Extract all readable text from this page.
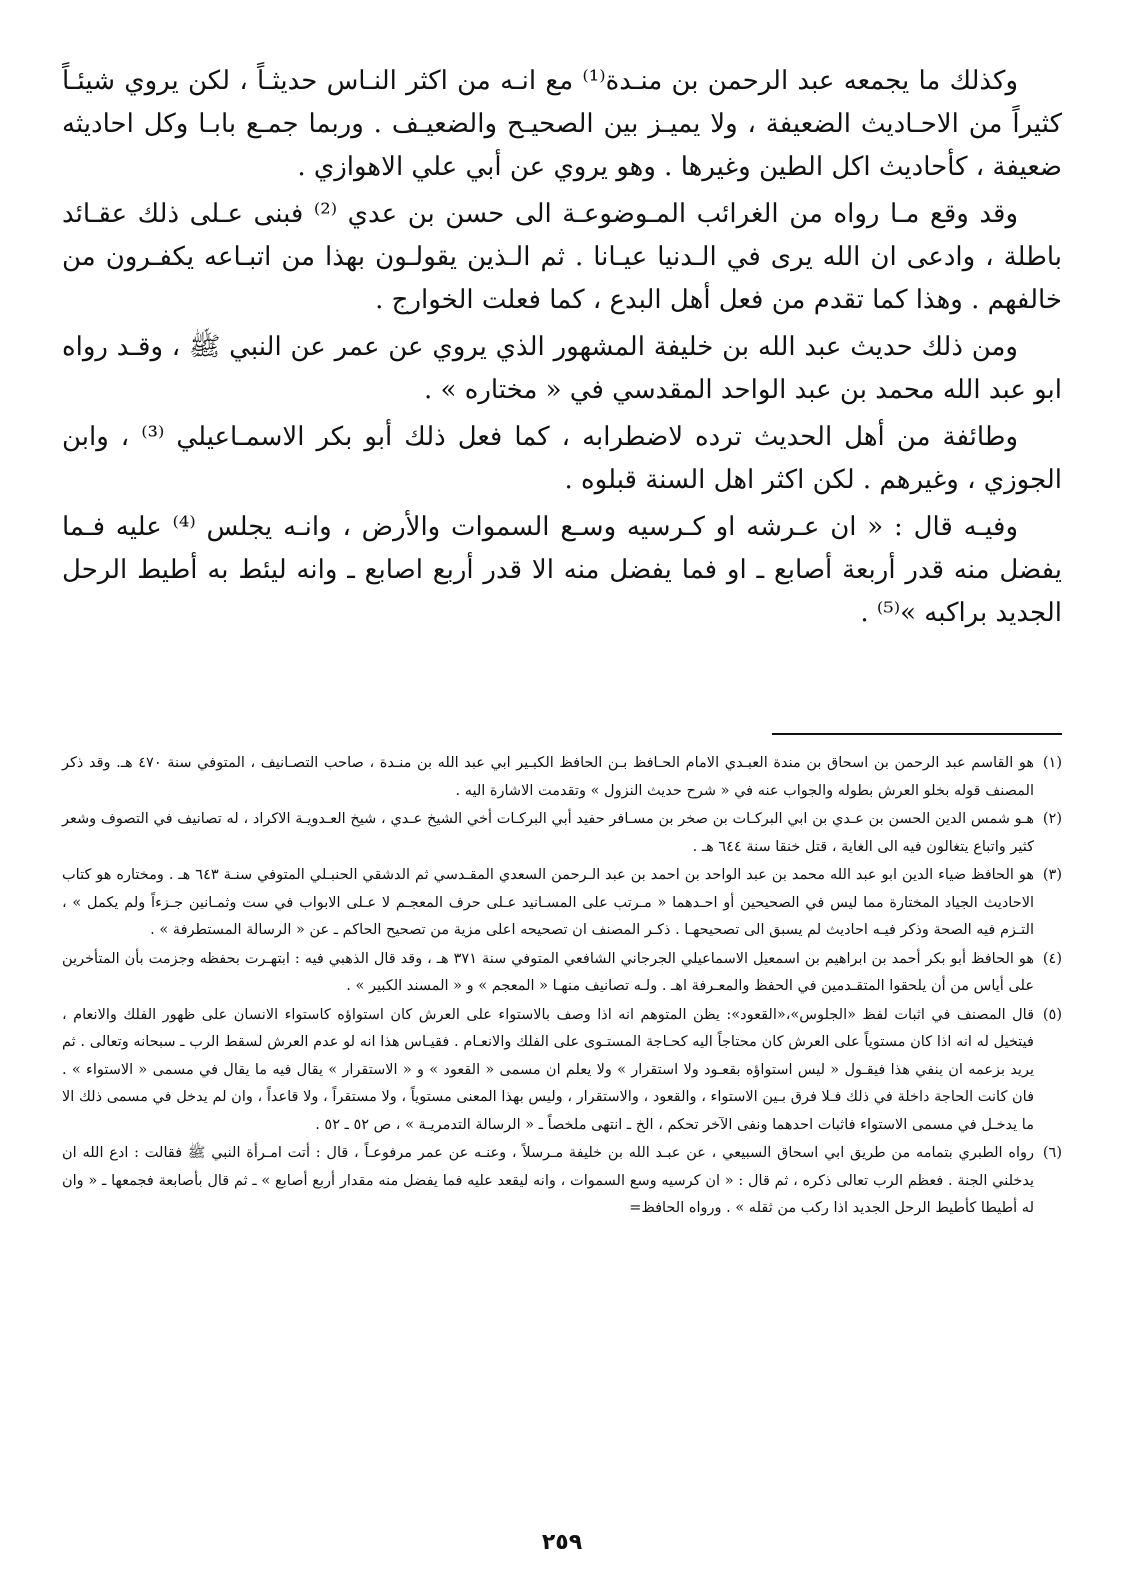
وكذلك ما يجمعه عبد الرحمن بن منـدة⁽¹⁾ مع انـه من اكثر النـاس حديثـاً ، لكن يروي شيئـاً كثيراً من الاحـاديث الضعيفة ، ولا يميـز بين الصحيـح والضعيـف . وربما جمـع بابـا وكل احاديثه ضعيفة ، كأحاديث اكل الطين وغيرها . وهو يروي عن أبي علي الاهوازي .

وقد وقع مـا رواه من الغرائب المـوضوعـة الى حسن بن عدي ⁽²⁾ فبنى عـلى ذلك عقـائد باطلة ، وادعى ان الله يرى في الـدنيا عيـانا . ثم الـذين يقولـون بهذا من اتبـاعه يكفـرون من خالفهم . وهذا كما تقدم من فعل أهل البدع ، كما فعلت الخوارج .

ومن ذلك حديث عبد الله بن خليفة المشهور الذي يروي عن عمر عن النبي ﷺ ، وقـد رواه ابو عبد الله محمد بن عبد الواحد المقدسي في « مختاره » .

وطائفة من أهل الحديث ترده لاضطرابه ، كما فعل ذلك أبو بكر الاسمـاعيلي ⁽³⁾ ، وابن الجوزي ، وغيرهم . لكن اكثر اهل السنة قبلوه .

وفيـه قال : « ان عـرشه او كـرسيه وسـع السموات والأرض ، وانـه يجلس ⁽⁴⁾ عليه فـما يفضل منه قدر أربعة أصابع ـ او فما يفضل منه الا قدر أربع اصابع ـ وانه ليئط به أطيط الرحل الجديد براكبه »⁽⁵⁾ .

(١)
هو القاسم عبد الرحمن بن اسحاق بن مندة العبـدي الامام الحـافظ بـن الحافظ الكبـير ابي عبد الله بن منـدة ، صاحب التصـانيف ، المتوفي سنة ٤٧٠ هـ. وقد ذكر المصنف قوله بخلو العرش بطوله والجواب عنه في « شرح حديث النزول » وتقدمت الاشارة اليه .
(٢)
هـو شمس الدين الحسن بن عـدي بن ابي البركـات بن صخر بن مسـافر حفيد أبي البركـات أخي الشيخ عـدي ، شيخ العـدويـة الاكراد ، له تصانيف في التصوف وشعر كثير واتباع يتغالون فيه الى الغاية ، قتل خنقا سنة ٦٤٤ هـ .
(٣)
هو الحافظ ضياء الدين ابو عبد الله محمد بن عبد الواحد بن احمد بن عبد الـرحمن السعدي المقـدسي ثم الدشقي الحنبـلي المتوفي سنـة ٦٤٣ هـ . ومختاره هو كتاب الاحاديث الجياد المختارة مما ليس في الصحيحين أو احـدهما « مـرتب على المسـانيد عـلى حرف المعجـم لا عـلى الابواب في ست وثمـانين جـزءاً ولم يكمل » ، التـزم فيه الصحة وذكر فيـه احاديث لم يسبق الى تصحيحهـا . ذكـر المصنف ان تصحيحه اعلى مزية من تصحيح الحاكم ـ عن « الرسالة المستطرفة » .
(٤)
هو الحافظ أبو بكر أحمد بن ابراهيم بن اسمعيل الاسماعيلي الجرجاني الشافعي المتوفي سنة ٣٧١ هـ ، وقد قال الذهبي فيه : ابتهـرت بحفظه وجزمت بأن المتأخرين على أياس من أن يلحقوا المتقـدمين في الحفظ والمعـرفة اهـ . ولـه تصانيف منهـا « المعجم » و « المسند الكبير » .
(٥)
قال المصنف في اثبات لفظ «الجلوس»،«القعود»: يظن المتوهم انه اذا وصف بالاستواء على العرش كان استواؤه كاستواء الانسان على ظهور الفلك والانعام ، فيتخيل له انه اذا كان مستوياً على العرش كان محتاجاً اليه كحـاجة المستـوى على الفلك والانعـام . فقيـاس هذا انه لو عدم العرش لسقط الرب ـ سبحانه وتعالى . ثم يريد بزعمه ان ينفي هذا فيقـول « ليس استواؤه بقعـود ولا استقرار » ولا يعلم ان مسمى « القعود » و « الاستقرار » يقال فيه ما يقال في مسمى « الاستواء » . فان كانت الحاجة داخلة في ذلك فـلا فرق بـين الاستواء ، والقعود ، والاستقرار ، وليس بهذا المعنى مستوياً ، ولا مستقراً ، ولا قاعداً ، وان لم يدخل في مسمى ذلك الا ما يدخـل في مسمى الاستواء فاثبات احدهما ونفى الآخر تحكم ، الخ ـ انتهى ملخصاً ـ « الرسالة التدمريـة » ، ص ٥٢ ـ ٥٢ .
(٦)
رواه الطبري بتمامه من طريق ابي اسحاق السبيعي ، عن عبـد الله بن خليفة مـرسلاً ، وعنـه عن عمر مرفوعـاً ، قال : أتت امـرأة النبي ﷺ فقالت : ادع الله ان يدخلني الجنة . فعظم الرب تعالى ذكره ، ثم قال : « ان كرسيه وسع السموات ، وانه ليقعد عليه فما يفضل منه مقدار أربع أصابع » ـ ثم قال بأصابعة فجمعها ـ « وان له أطيطا كأطيط الرحل الجديد اذا ركب من ثقله » . ورواه الحافظ=
٢٥٩
